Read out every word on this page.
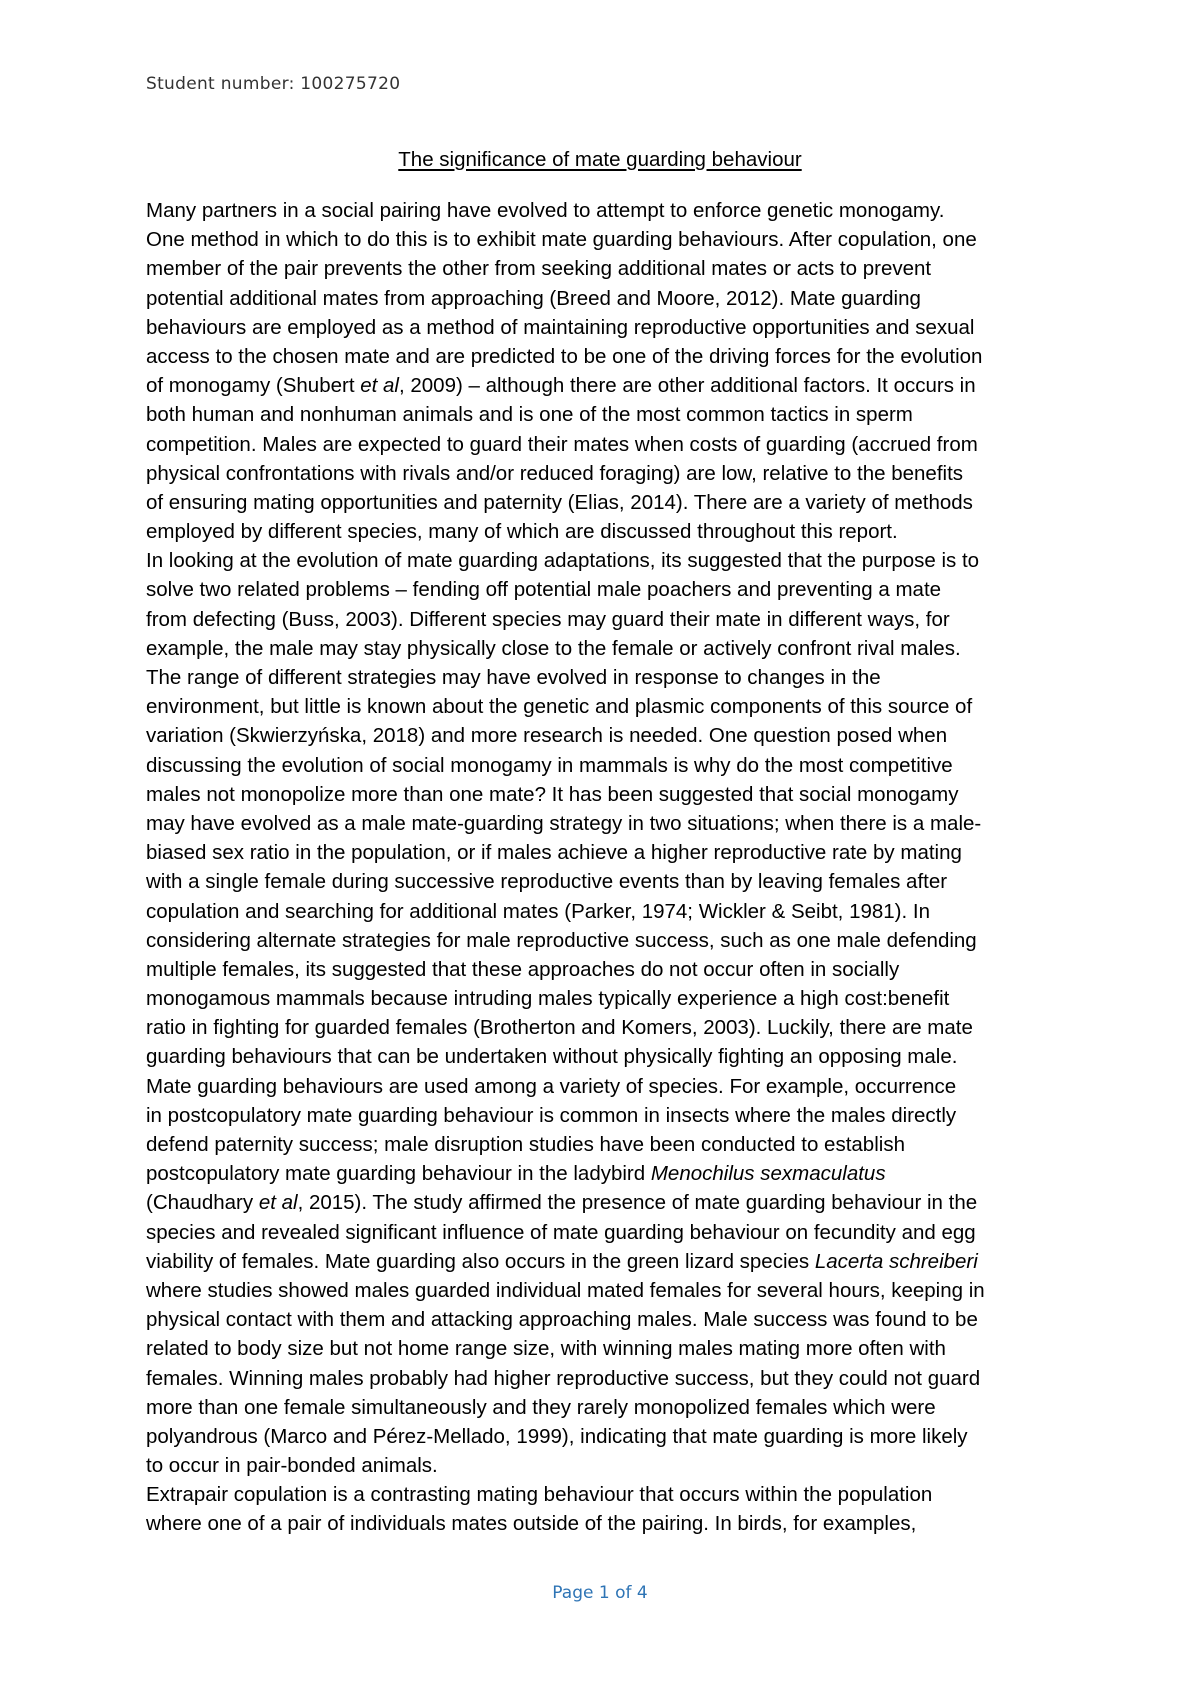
Student number: 100275720
The significance of mate guarding behaviour
Many partners in a social pairing have evolved to attempt to enforce genetic monogamy.
One method in which to do this is to exhibit mate guarding behaviours. After copulation, one
member of the pair prevents the other from seeking additional mates or acts to prevent
potential additional mates from approaching (Breed and Moore, 2012). Mate guarding
behaviours are employed as a method of maintaining reproductive opportunities and sexual
access to the chosen mate and are predicted to be one of the driving forces for the evolution
of monogamy (Shubert et al, 2009) – although there are other additional factors. It occurs in
both human and nonhuman animals and is one of the most common tactics in sperm
competition. Males are expected to guard their mates when costs of guarding (accrued from
physical confrontations with rivals and/or reduced foraging) are low, relative to the benefits
of ensuring mating opportunities and paternity (Elias, 2014). There are a variety of methods
employed by different species, many of which are discussed throughout this report.
In looking at the evolution of mate guarding adaptations, its suggested that the purpose is to
solve two related problems – fending off potential male poachers and preventing a mate
from defecting (Buss, 2003). Different species may guard their mate in different ways, for
example, the male may stay physically close to the female or actively confront rival males.
The range of different strategies may have evolved in response to changes in the
environment, but little is known about the genetic and plasmic components of this source of
variation (Skwierzyńska, 2018) and more research is needed. One question posed when
discussing the evolution of social monogamy in mammals is why do the most competitive
males not monopolize more than one mate? It has been suggested that social monogamy
may have evolved as a male mate-guarding strategy in two situations; when there is a male-
biased sex ratio in the population, or if males achieve a higher reproductive rate by mating
with a single female during successive reproductive events than by leaving females after
copulation and searching for additional mates (Parker, 1974; Wickler & Seibt, 1981). In
considering alternate strategies for male reproductive success, such as one male defending
multiple females, its suggested that these approaches do not occur often in socially
monogamous mammals because intruding males typically experience a high cost:benefit
ratio in fighting for guarded females (Brotherton and Komers, 2003). Luckily, there are mate
guarding behaviours that can be undertaken without physically fighting an opposing male.
Mate guarding behaviours are used among a variety of species. For example, occurrence
in postcopulatory mate guarding behaviour is common in insects where the males directly
defend paternity success; male disruption studies have been conducted to establish
postcopulatory mate guarding behaviour in the ladybird Menochilus sexmaculatus
(Chaudhary et al, 2015). The study affirmed the presence of mate guarding behaviour in the
species and revealed significant influence of mate guarding behaviour on fecundity and egg
viability of females. Mate guarding also occurs in the green lizard species Lacerta schreiberi
where studies showed males guarded individual mated females for several hours, keeping in
physical contact with them and attacking approaching males. Male success was found to be
related to body size but not home range size, with winning males mating more often with
females. Winning males probably had higher reproductive success, but they could not guard
more than one female simultaneously and they rarely monopolized females which were
polyandrous (Marco and Pérez-Mellado, 1999), indicating that mate guarding is more likely
to occur in pair-bonded animals.
Extrapair copulation is a contrasting mating behaviour that occurs within the population
where one of a pair of individuals mates outside of the pairing. In birds, for examples,
Page 1 of 4
